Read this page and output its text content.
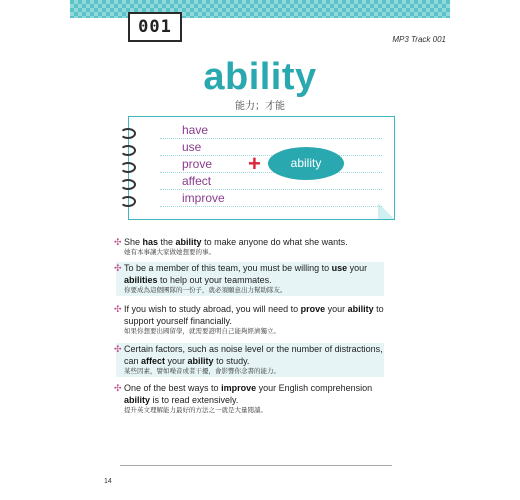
001
MP3 Track 001
ability
能力；才能
have
use
prove
affect
improve
+	ability
✣ She has the ability to make anyone do what she wants.
她有本事讓大家做她想要的事。
✣ To be a member of this team, you must be willing to use your abilities to help out your teammates.
你要成為這個團隊的一份子，就必須願意出力幫助隊友。
✣ If you wish to study abroad, you will need to prove your ability to support yourself financially.
如果你想要出國留學，就需要證明自己能夠經濟獨立。
✣ Certain factors, such as noise level or the number of distractions, can affect your ability to study.
某些因素，譬如噪音或者干擾，會影響你念書的能力。
✣ One of the best ways to improve your English comprehension ability is to read extensively.
提升英文理解能力最好的方法之一就是大量閱讀。
14
